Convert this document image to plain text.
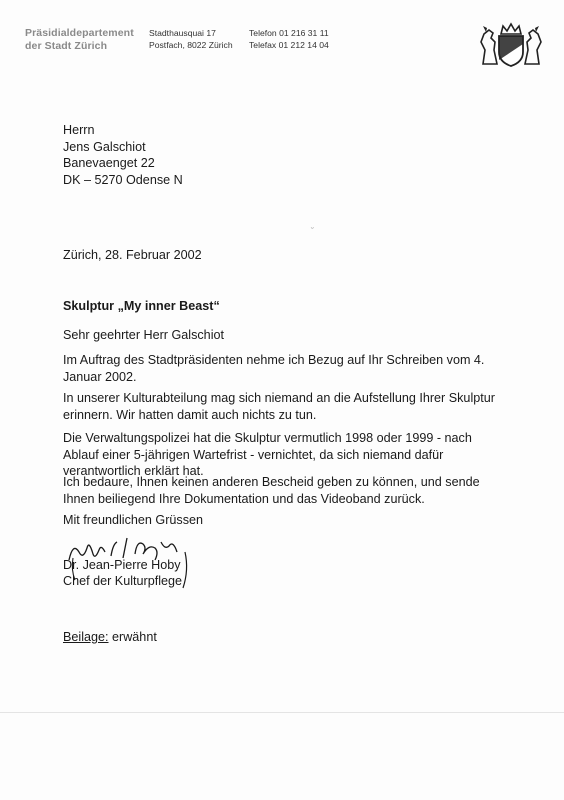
Präsidialdepartement
der Stadt Zürich
Stadthausquai 17
Postfach, 8022 Zürich
Telefon 01 216 31 11
Telefax 01 212 14 04
Herrn
Jens Galschiot
Banevaenget 22
DK – 5270 Odense N
˘
Zürich, 28. Februar 2002
Skulptur „My inner Beast“
Sehr geehrter Herr Galschiot
Im Auftrag des Stadtpräsidenten nehme ich Bezug auf Ihr Schreiben vom 4. Januar 2002.
In unserer Kulturabteilung mag sich niemand an die Aufstellung Ihrer Skulptur erinnern. Wir hatten damit auch nichts zu tun.
Die Verwaltungspolizei hat die Skulptur vermutlich 1998 oder 1999 - nach Ablauf einer 5-jährigen Wartefrist - vernichtet, da sich niemand dafür verantwortlich erklärt hat.
Ich bedaure, Ihnen keinen anderen Bescheid geben zu können, und sende Ihnen beiliegend Ihre Dokumentation und das Videoband zurück.
Mit freundlichen Grüssen
Dr. Jean-Pierre Hoby
Chef der Kulturpflege
Beilage: erwähnt
